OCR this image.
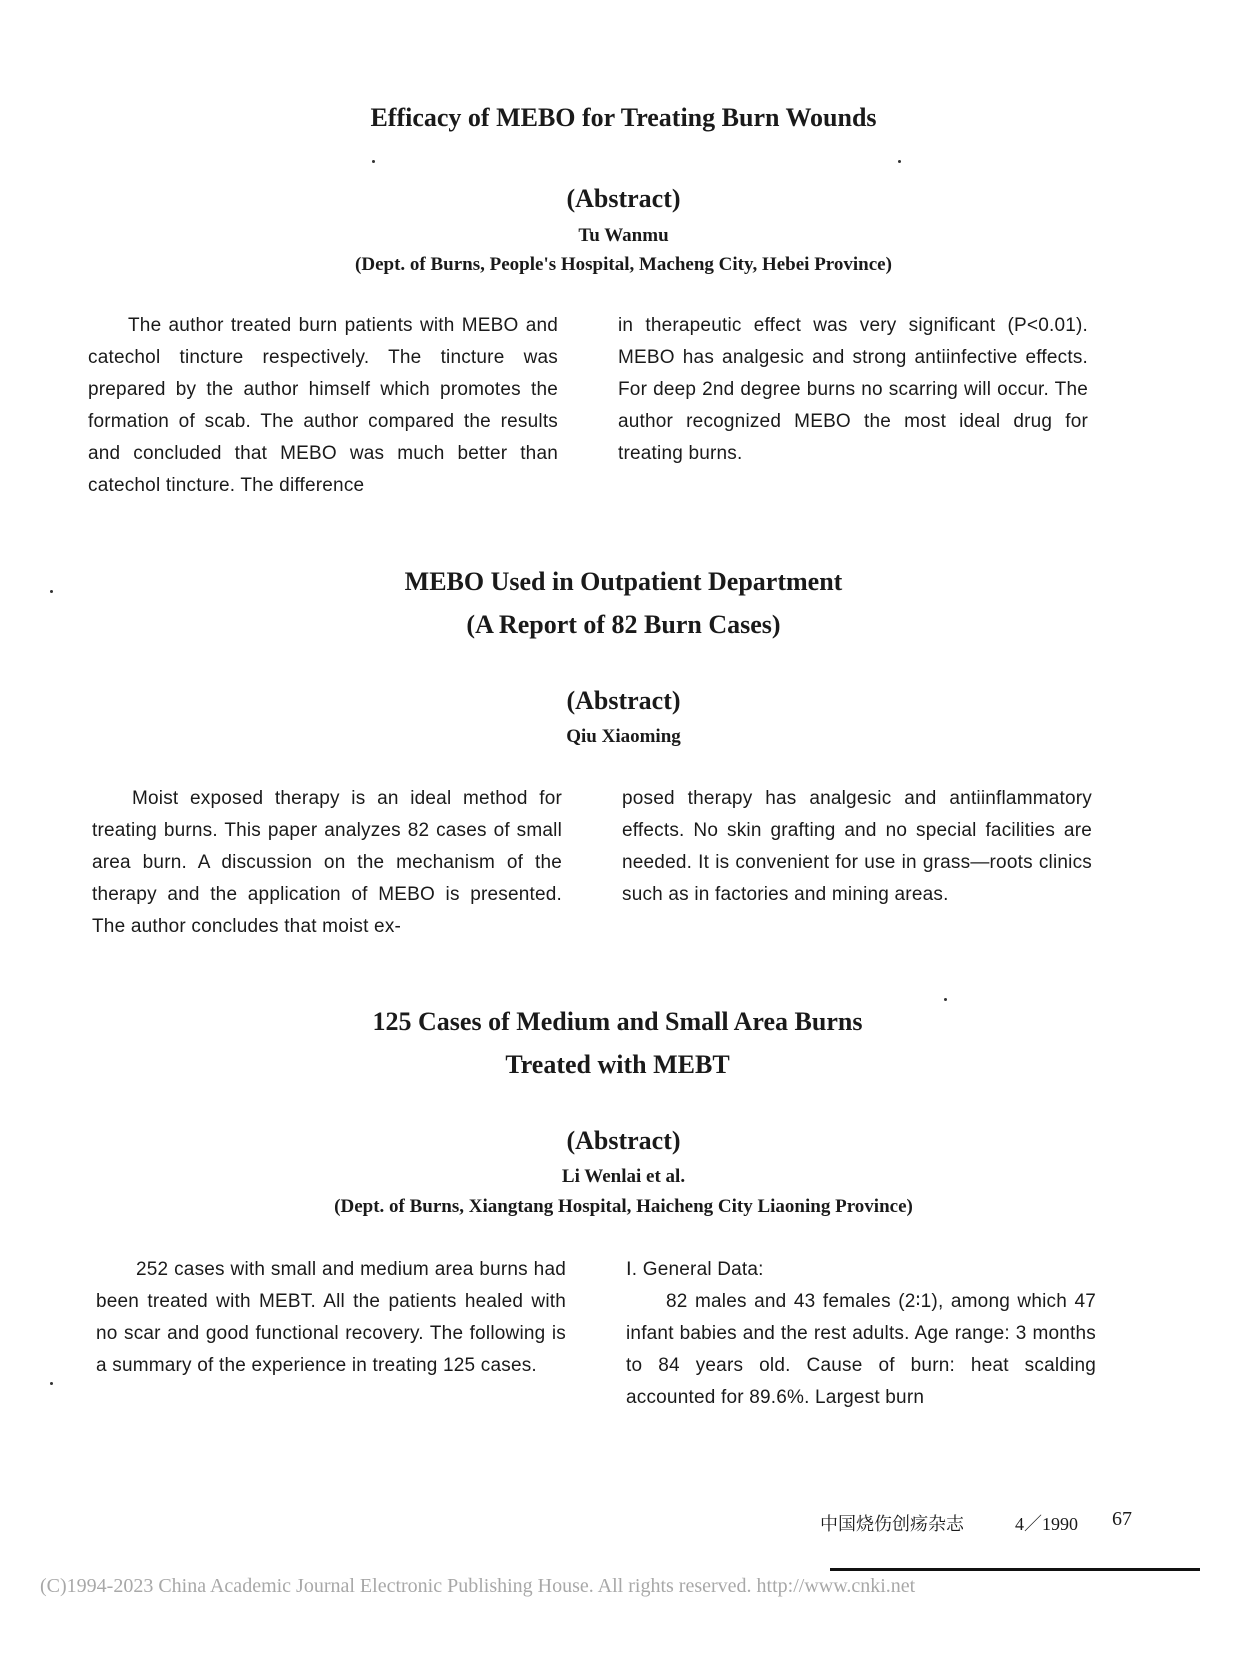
Efficacy of MEBO for Treating Burn Wounds
(Abstract)
Tu Wanmu
(Dept. of Burns, People's Hospital, Macheng City, Hebei Province)

The author treated burn patients with MEBO and catechol tincture respectively. The tincture was prepared by the author himself which promotes the formation of scab. The author compared the results and concluded that MEBO was much better than catechol tincture. The difference

in therapeutic effect was very significant (P<0.01). MEBO has analgesic and strong antiinfective effects. For deep 2nd degree burns no scarring will occur. The author recognized MEBO the most ideal drug for treating burns.

MEBO Used in Outpatient Department
(A Report of 82 Burn Cases)
(Abstract)
Qiu Xiaoming

Moist exposed therapy is an ideal method for treating burns. This paper analyzes 82 cases of small area burn. A discussion on the mechanism of the therapy and the application of MEBO is presented. The author concludes that moist ex-

posed therapy has analgesic and antiinflammatory effects. No skin grafting and no special facilities are needed. It is convenient for use in grass—roots clinics such as in factories and mining areas.

125 Cases of Medium and Small Area Burns
Treated with MEBT
(Abstract)
Li Wenlai et al.
(Dept. of Burns, Xiangtang Hospital, Haicheng City Liaoning Province)

252 cases with small and medium area burns had been treated with MEBT. All the patients healed with no scar and good functional recovery. The following is a summary of the experience in treating 125 cases.

Ⅰ. General Data:

82 males and 43 females (2∶1), among which 47 infant babies and the rest adults. Age range: 3 months to 84 years old. Cause of burn: heat scalding accounted for 89.6%. Largest burn

中国烧伤创疡杂志	4／1990 67
(C)1994-2023 China Academic Journal Electronic Publishing House. All rights reserved. http://www.cnki.net
